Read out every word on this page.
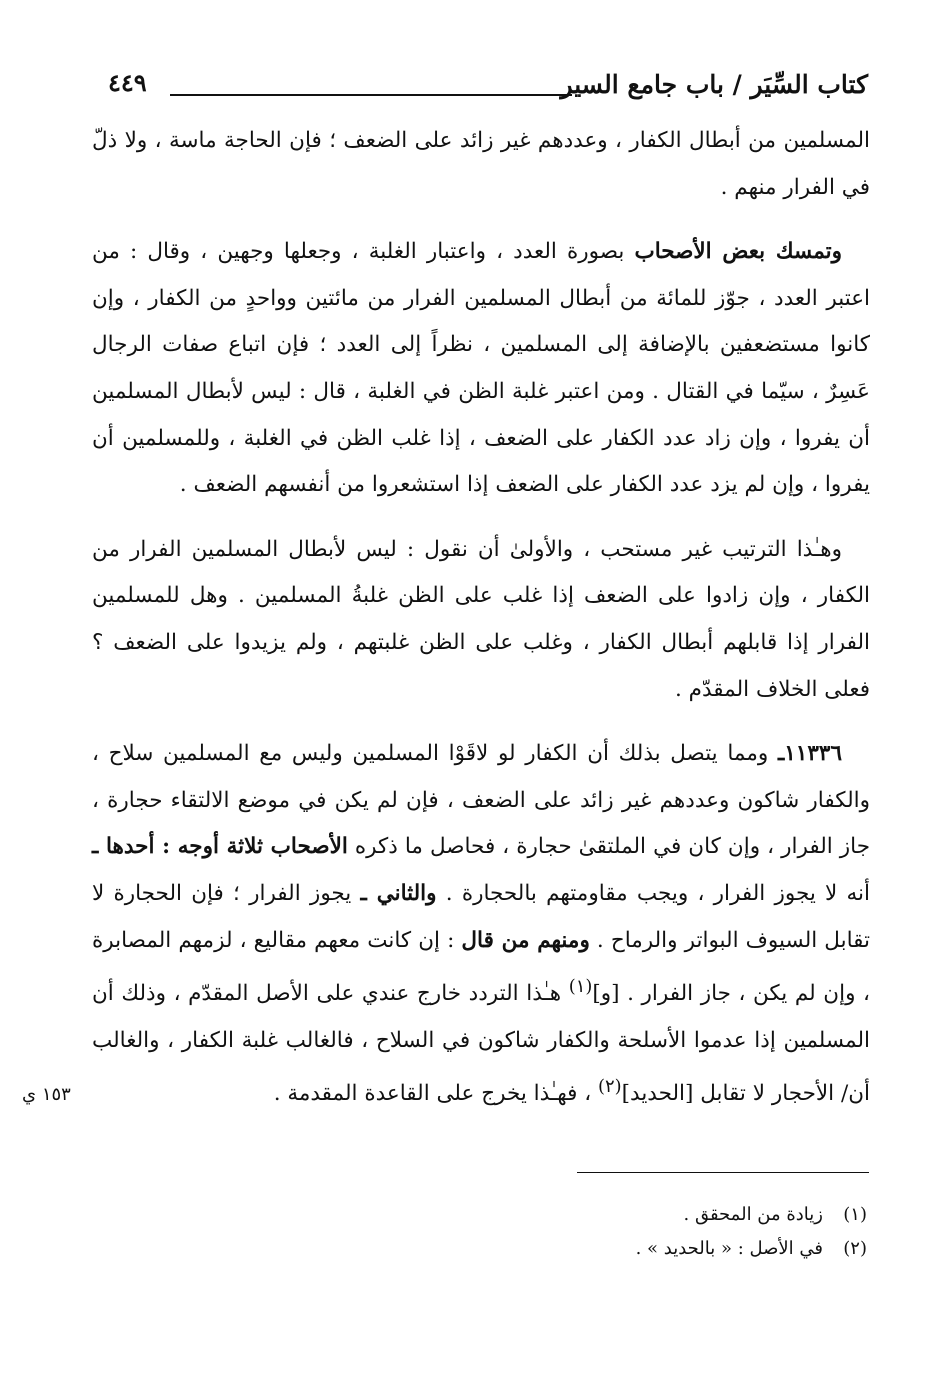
كتاب السِّيَر / باب جامع السير
٤٤٩

المسلمين من أبطال الكفار ، وعددهم غير زائد على الضعف ؛ فإن الحاجة ماسة ، ولا ذلّ في الفرار منهم .

وتمسك بعض الأصحاب بصورة العدد ، واعتبار الغلبة ، وجعلها وجهين ، وقال : من اعتبر العدد ، جوّز للمائة من أبطال المسلمين الفرار من مائتين وواحدٍ من الكفار ، وإن كانوا مستضعفين بالإضافة إلى المسلمين ، نظراً إلى العدد ؛ فإن اتباع صفات الرجال عَسِرٌ ، سيّما في القتال . ومن اعتبر غلبة الظن في الغلبة ، قال : ليس لأبطال المسلمين أن يفروا ، وإن زاد عدد الكفار على الضعف ، إذا غلب الظن في الغلبة ، وللمسلمين أن يفروا ، وإن لم يزد عدد الكفار على الضعف إذا استشعروا من أنفسهم الضعف .

وهـٰذا الترتيب غير مستحب ، والأولىٰ أن نقول : ليس لأبطال المسلمين الفرار من الكفار ، وإن زادوا على الضعف إذا غلب على الظن غلبةُ المسلمين . وهل للمسلمين الفرار إذا قابلهم أبطال الكفار ، وغلب على الظن غلبتهم ، ولم يزيدوا على الضعف ؟ فعلى الخلاف المقدّم .

١١٣٣٦ـ ومما يتصل بذلك أن الكفار لو لاقَوْا المسلمين وليس مع المسلمين سلاح ، والكفار شاكون وعددهم غير زائد على الضعف ، فإن لم يكن في موضع الالتقاء حجارة ، جاز الفرار ، وإن كان في الملتقىٰ حجارة ، فحاصل ما ذكره الأصحاب ثلاثة أوجه : أحدها ـ أنه لا يجوز الفرار ، ويجب مقاومتهم بالحجارة . والثاني ـ يجوز الفرار ؛ فإن الحجارة لا تقابل السيوف البواتر والرماح . ومنهم من قال : إن كانت معهم مقاليع ، لزمهم المصابرة ، وإن لم يكن ، جاز الفرار . [و]$^{(١)}$ هـٰذا التردد خارج عندي على الأصل المقدّم ، وذلك أن المسلمين إذا عدموا الأسلحة والكفار شاكون في السلاح ، فالغالب غلبة الكفار ، والغالب أن/ الأحجار لا تقابل [الحديد]$^{(٢)}$ ، فهـٰذا يخرج على القاعدة المقدمة .

١٥٣ ي
(١)زيادة من المحقق .
(٢)في الأصل : « بالحديد » .
